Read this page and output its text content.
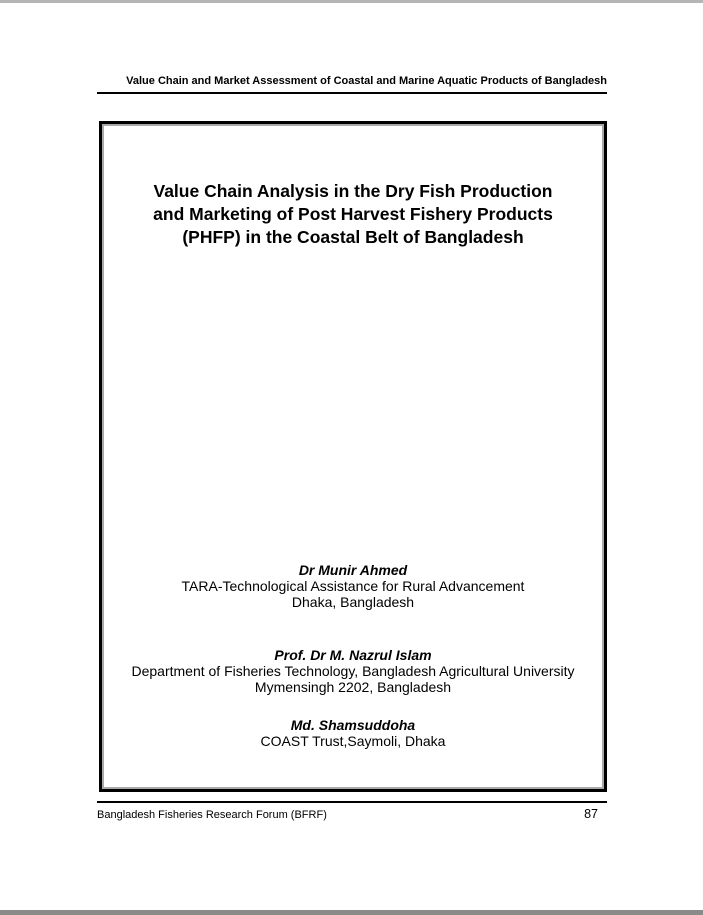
Value Chain and Market Assessment of Coastal and Marine Aquatic Products of Bangladesh
Value Chain Analysis in the Dry Fish Production
and Marketing of Post Harvest Fishery Products
(PHFP) in the Coastal Belt of Bangladesh
Dr Munir Ahmed
TARA-Technological Assistance for Rural Advancement
Dhaka, Bangladesh
Prof. Dr M. Nazrul Islam
Department of Fisheries Technology, Bangladesh Agricultural University
Mymensingh 2202, Bangladesh
Md. Shamsuddoha
COAST Trust,Saymoli, Dhaka
Bangladesh Fisheries Research Forum (BFRF)	87
